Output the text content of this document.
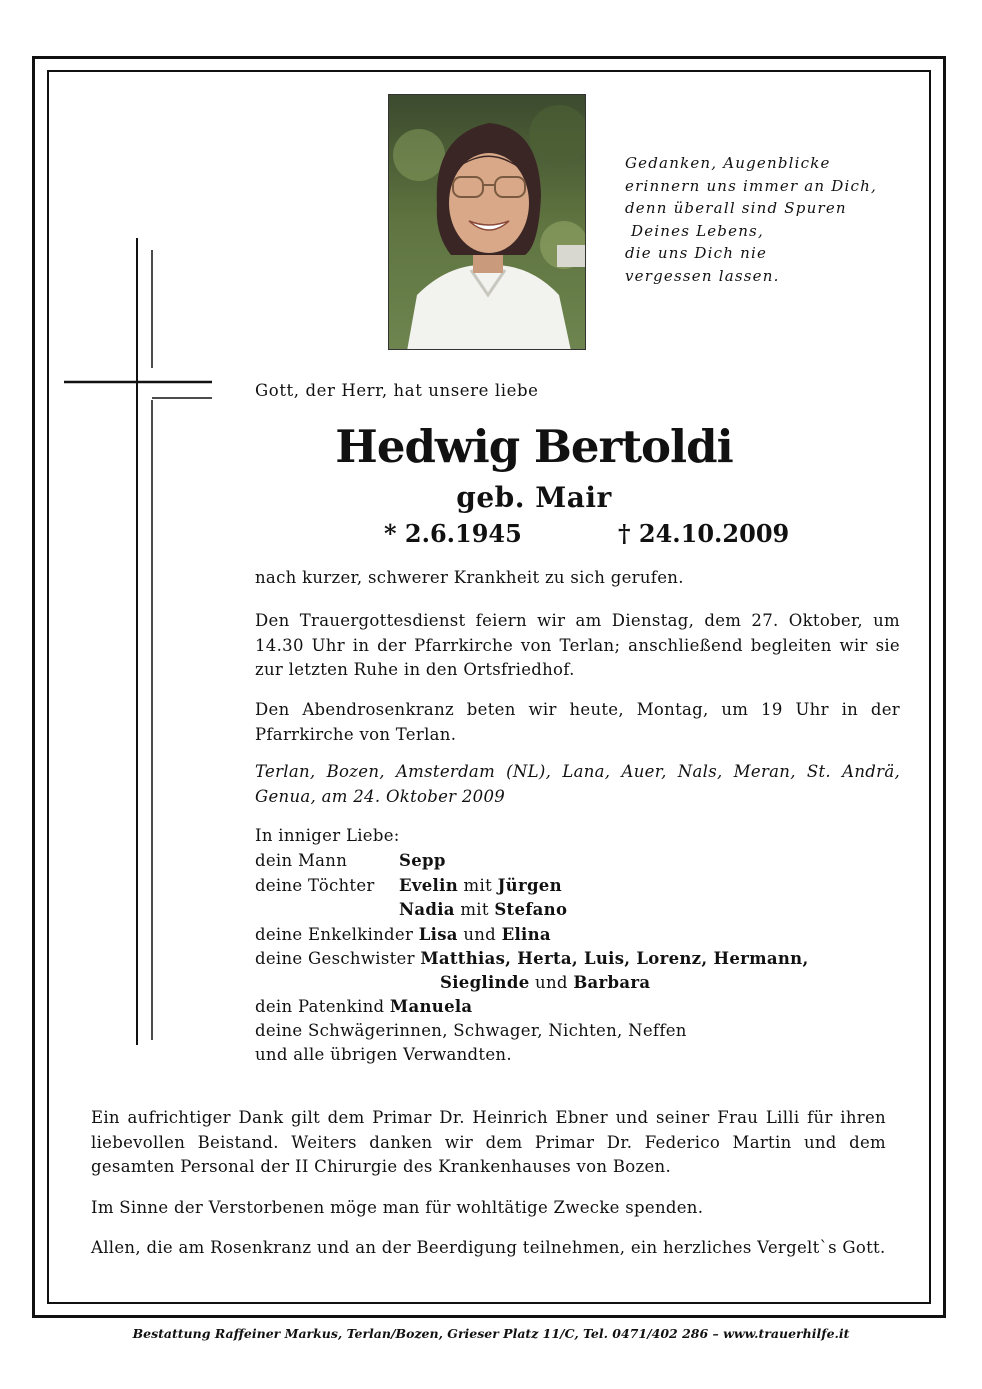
Gedanken, Augenblicke
erinnern uns immer an Dich,
denn überall sind Spuren
Deines Lebens,
die uns Dich nie
vergessen lassen.
Gott, der Herr, hat unsere liebe
Hedwig Bertoldi
geb. Mair
* 2.6.1945	† 24.10.2009
nach kurzer, schwerer Krankheit zu sich gerufen.
Den Trauergottesdienst feiern wir am Dienstag, dem 27. Oktober, um 14.30 Uhr in der Pfarrkirche von Terlan; anschließend begleiten wir sie zur letzten Ruhe in den Ortsfriedhof.
Den Abendrosenkranz beten wir heute, Montag, um 19 Uhr in der Pfarrkirche von Terlan.
Terlan, Bozen, Amsterdam (NL), Lana, Auer, Nals, Meran, St. Andrä, Genua, am 24. Oktober 2009
In inniger Liebe:
dein Mann	Sepp
deine Töchter Evelin mit Jürgen
Nadia mit Stefano
deine Enkelkinder Lisa und Elina
deine Geschwister Matthias, Herta, Luis, Lorenz, Hermann,
Sieglinde und Barbara
dein Patenkind Manuela
deine Schwägerinnen, Schwager, Nichten, Neffen
und alle übrigen Verwandten.
Ein aufrichtiger Dank gilt dem Primar Dr. Heinrich Ebner und seiner Frau Lilli für ihren liebevollen Beistand. Weiters danken wir dem Primar Dr. Federico Martin und dem gesamten Personal der II Chirurgie des Krankenhauses von Bozen.
Im Sinne der Verstorbenen möge man für wohltätige Zwecke spenden.
Allen, die am Rosenkranz und an der Beerdigung teilnehmen, ein herzliches Vergelt`s Gott.
Bestattung Raffeiner Markus, Terlan/Bozen, Grieser Platz 11/C, Tel. 0471/402 286 – www.trauerhilfe.it
